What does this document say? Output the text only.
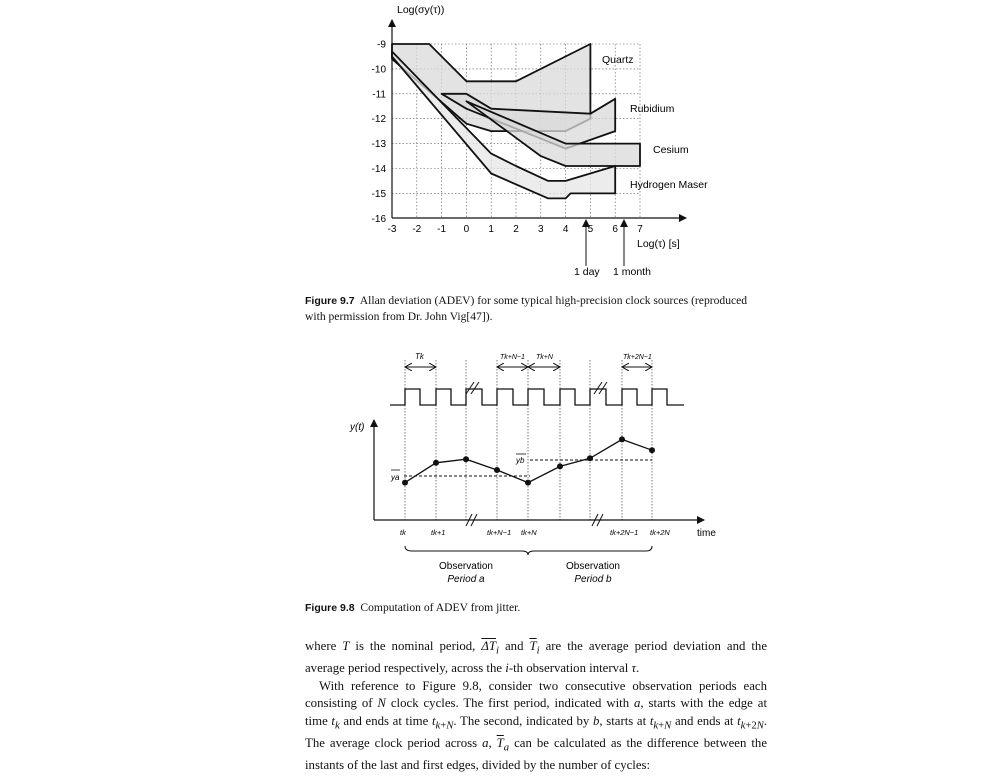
-9
-10
-11
-12
-13
-14
-15
-16
-3 -2 -1 0 1 2 3 4 5 6 7
Log(σy(τ))
Log(τ) [s]
Quartz
Rubidium
Cesium
Hydrogen Maser
1 day 1 month
Tk	Tk+N−1 Tk+N	Tk+2N−1
y(t)
time
ya
yb
tk	tk+1	tk+N−1 tk+N	tk+2N−1 tk+2N
Observation
Period a
Observation
Period b
Figure 9.7 Allan deviation (ADEV) for some typical high-precision clock sources (reproduced with permission from Dr. John Vig[47]).
Figure 9.8 Computation of ADEV from jitter.

where T is the nominal period, $\overline{\Delta T}_i$ and $\overline{T}_i$ are the average period deviation and the average period respectively, across the i-th observation interval τ.

With reference to Figure 9.8, consider two consecutive observation periods each consisting of N clock cycles. The first period, indicated with a, starts with the edge at time $t_k$ and ends at time $t_{k+N}$. The second, indicated by b, starts at $t_{k+N}$ and ends at $t_{k+2N}$. The average clock period across a, $\overline{T}_a$ can be calculated as the difference between the instants of the last and first edges, divided by the number of cycles:
